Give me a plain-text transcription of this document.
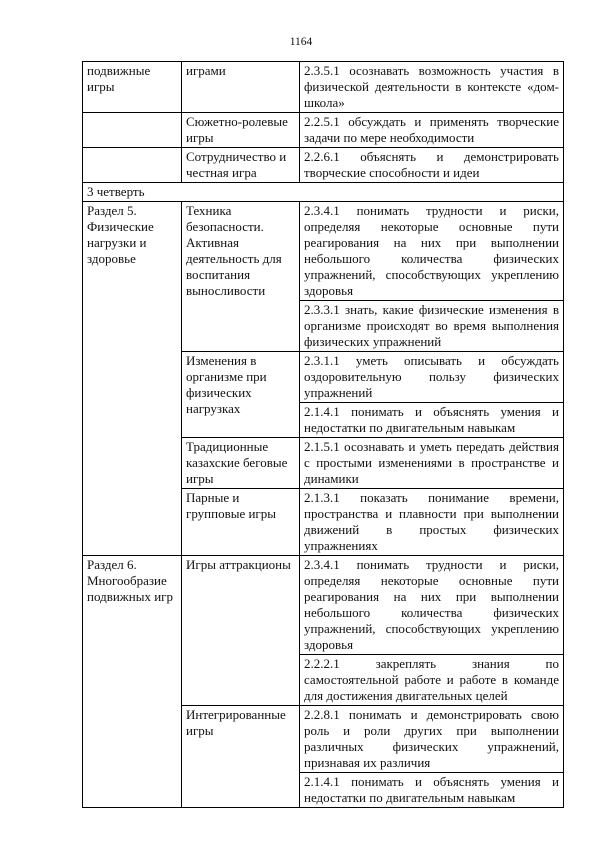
1164
подвижные игры	играми	2.3.5.1 осознавать возможность участия в физической деятельности в контексте «дом-школа»
	Сюжетно-ролевые игры	2.2.5.1 обсуждать и применять творческие задачи по мере необходимости
	Сотрудничество и честная игра	2.2.6.1 объяснять и демонстрировать творческие способности и идеи
3 четверть		
Раздел 5. Физические нагрузки и здоровье	Техника безопасности. Активная деятельность для воспитания выносливости	2.3.4.1 понимать трудности и риски, определяя некоторые основные пути реагирования на них при выполнении небольшого количества физических упражнений, способствующих укреплению здоровья
		2.3.3.1 знать, какие физические изменения в организме происходят во время выполнения физических упражнений
	Изменения в организме при физических нагрузках	2.3.1.1 уметь описывать и обсуждать оздоровительную пользу физических упражнений
		2.1.4.1 понимать и объяснять умения и недостатки по двигательным навыкам
	Традиционные казахские беговые игры	2.1.5.1 осознавать и уметь передать действия с простыми изменениями в пространстве и динамики
	Парные и групповые игры	2.1.3.1 показать понимание времени, пространства и плавности при выполнении движений в простых физических упражнениях
Раздел 6. Многообразие подвижных игр	Игры аттракционы	2.3.4.1 понимать трудности и риски, определяя некоторые основные пути реагирования на них при выполнении небольшого количества физических упражнений, способствующих укреплению здоровья
		2.2.2.1 закреплять знания по самостоятельной работе и работе в команде для достижения двигательных целей
	Интегрированные игры	2.2.8.1 понимать и демонстрировать свою роль и роли других при выполнении различных физических упражнений, признавая их различия
		2.1.4.1 понимать и объяснять умения и недостатки по двигательным навыкам
